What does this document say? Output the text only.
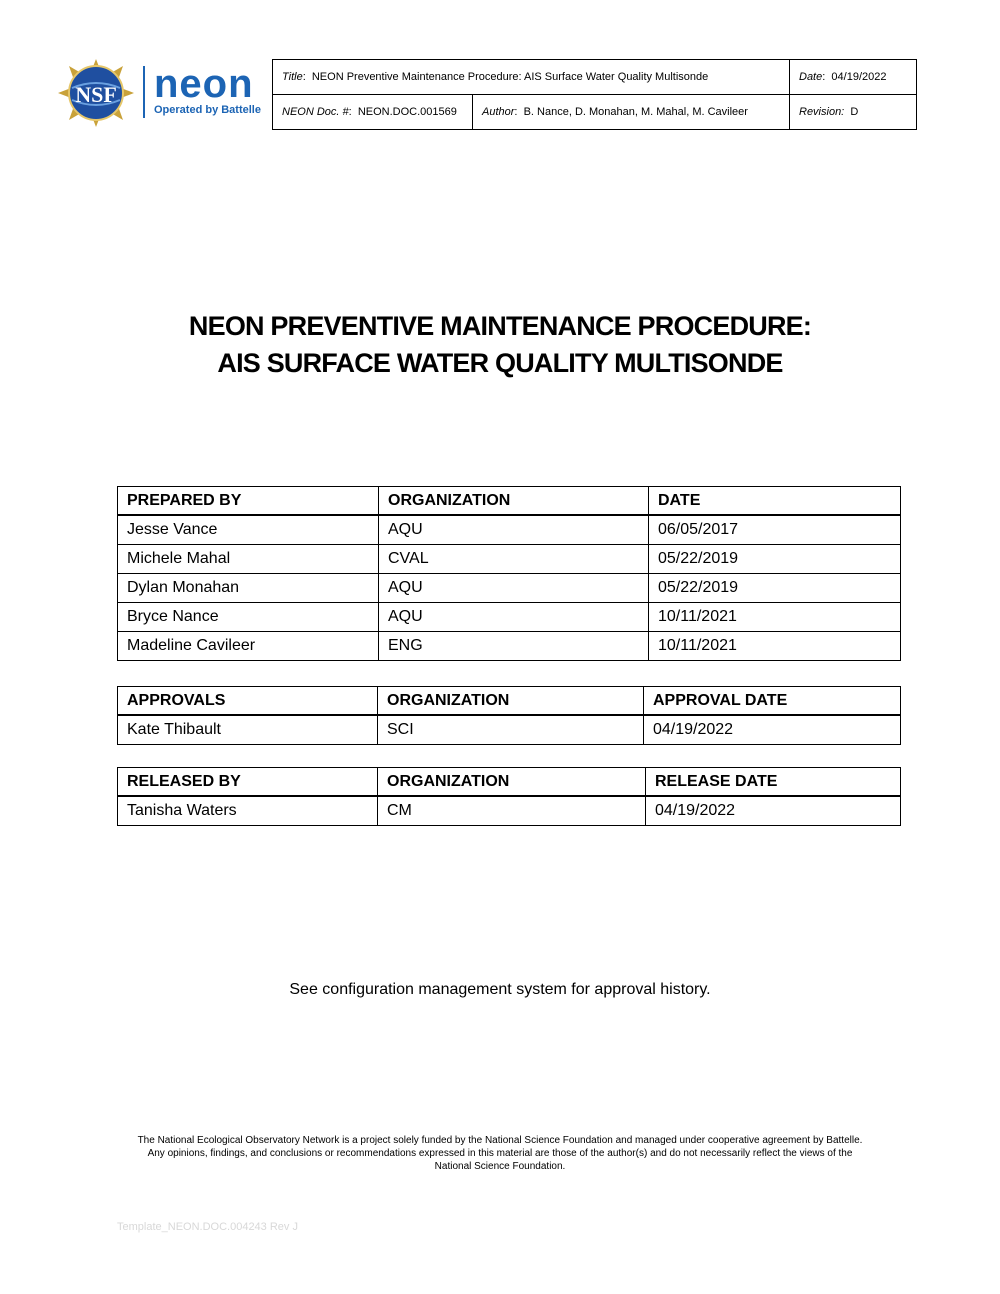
NSF neon
Operated by Battelle
Title:  NEON Preventive Maintenance Procedure: AIS Surface Water Quality Multisonde		Date:  04/19/2022
NEON Doc. #:  NEON.DOC.001569	Author:  B. Nance, D. Monahan, M. Mahal, M. Cavileer	Revision: D
NEON PREVENTIVE MAINTENANCE PROCEDURE:
AIS SURFACE WATER QUALITY MULTISONDE
PREPARED BY	ORGANIZATION	DATE
Jesse Vance	AQU	06/05/2017
Michele Mahal	CVAL	05/22/2019
Dylan Monahan	AQU	05/22/2019
Bryce Nance	AQU	10/11/2021
Madeline Cavileer	ENG	10/11/2021
APPROVALS	ORGANIZATION	APPROVAL DATE
Kate Thibault	SCI	04/19/2022
RELEASED BY	ORGANIZATION	RELEASE DATE
Tanisha Waters	CM	04/19/2022
See configuration management system for approval history.
The National Ecological Observatory Network is a project solely funded by the National Science Foundation and managed under cooperative agreement by Battelle.
Any opinions, findings, and conclusions or recommendations expressed in this material are those of the author(s) and do not necessarily reflect the views of the
National Science Foundation.
Template_NEON.DOC.004243 Rev J
